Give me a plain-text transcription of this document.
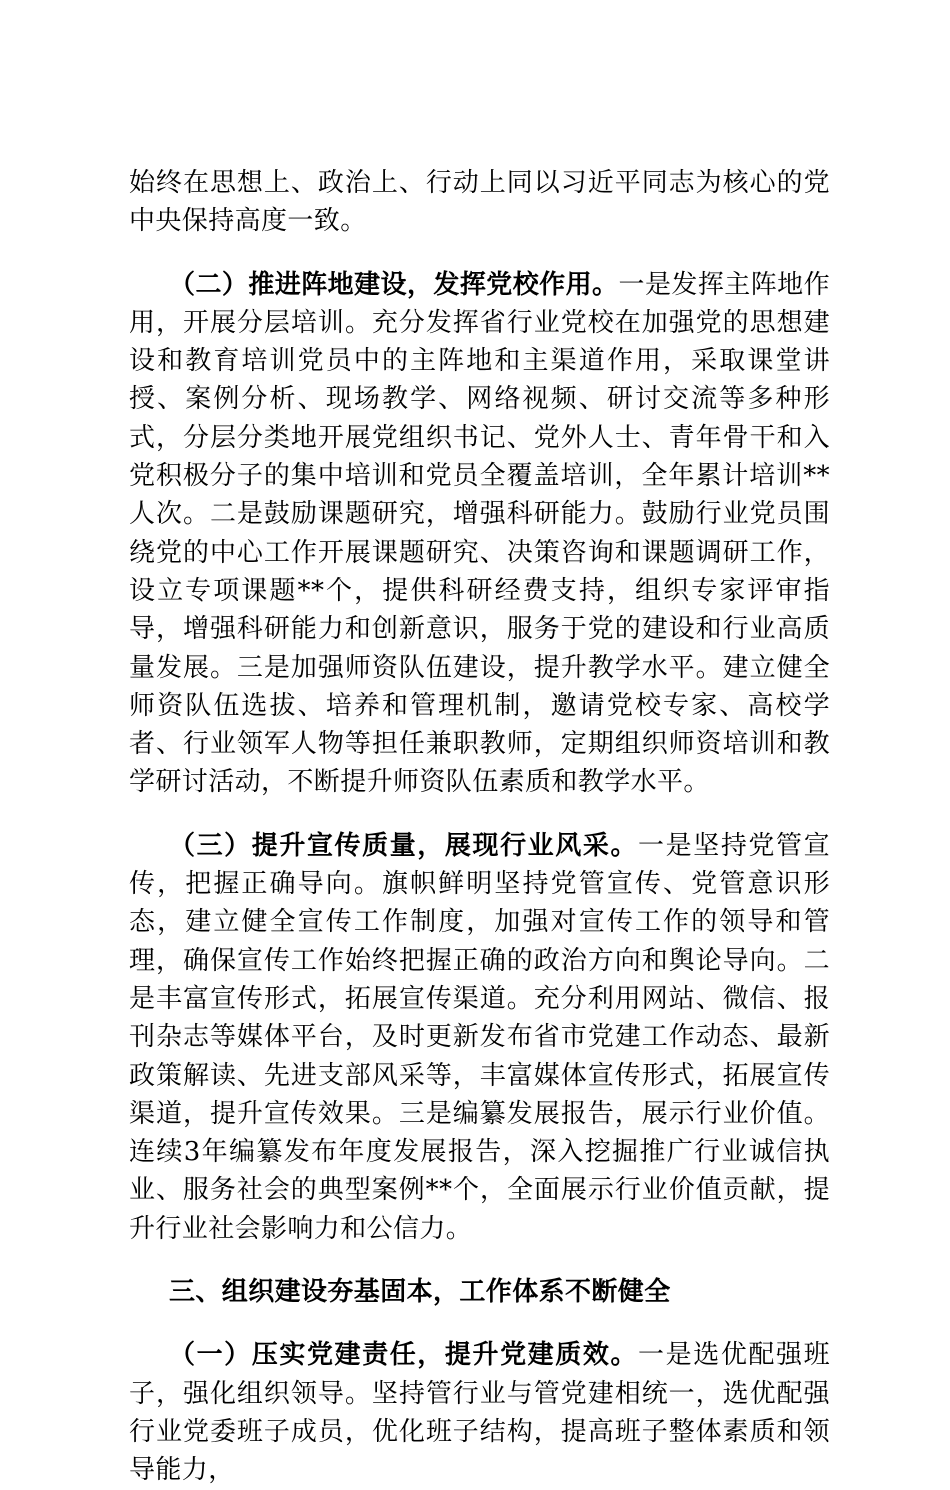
始终在思想上、政治上、行动上同以习近平同志为核心的党中央保持高度一致。

（二）推进阵地建设，发挥党校作用。一是发挥主阵地作用，开展分层培训。充分发挥省行业党校在加强党的思想建设和教育培训党员中的主阵地和主渠道作用，采取课堂讲授、案例分析、现场教学、网络视频、研讨交流等多种形式，分层分类地开展党组织书记、党外人士、青年骨干和入党积极分子的集中培训和党员全覆盖培训，全年累计培训**人次。二是鼓励课题研究，增强科研能力。鼓励行业党员围绕党的中心工作开展课题研究、决策咨询和课题调研工作，设立专项课题**个，提供科研经费支持，组织专家评审指导，增强科研能力和创新意识，服务于党的建设和行业高质量发展。三是加强师资队伍建设，提升教学水平。建立健全师资队伍选拔、培养和管理机制，邀请党校专家、高校学者、行业领军人物等担任兼职教师，定期组织师资培训和教学研讨活动，不断提升师资队伍素质和教学水平。

（三）提升宣传质量，展现行业风采。一是坚持党管宣传，把握正确导向。旗帜鲜明坚持党管宣传、党管意识形态，建立健全宣传工作制度，加强对宣传工作的领导和管理，确保宣传工作始终把握正确的政治方向和舆论导向。二是丰富宣传形式，拓展宣传渠道。充分利用网站、微信、报刊杂志等媒体平台，及时更新发布省市党建工作动态、最新政策解读、先进支部风采等，丰富媒体宣传形式，拓展宣传渠道，提升宣传效果。三是编纂发展报告，展示行业价值。连续3年编纂发布年度发展报告，深入挖掘推广行业诚信执业、服务社会的典型案例**个，全面展示行业价值贡献，提升行业社会影响力和公信力。

三、组织建设夯基固本，工作体系不断健全

（一）压实党建责任，提升党建质效。一是选优配强班子，强化组织领导。坚持管行业与管党建相统一，选优配强行业党委班子成员，优化班子结构，提高班子整体素质和领导能力，
